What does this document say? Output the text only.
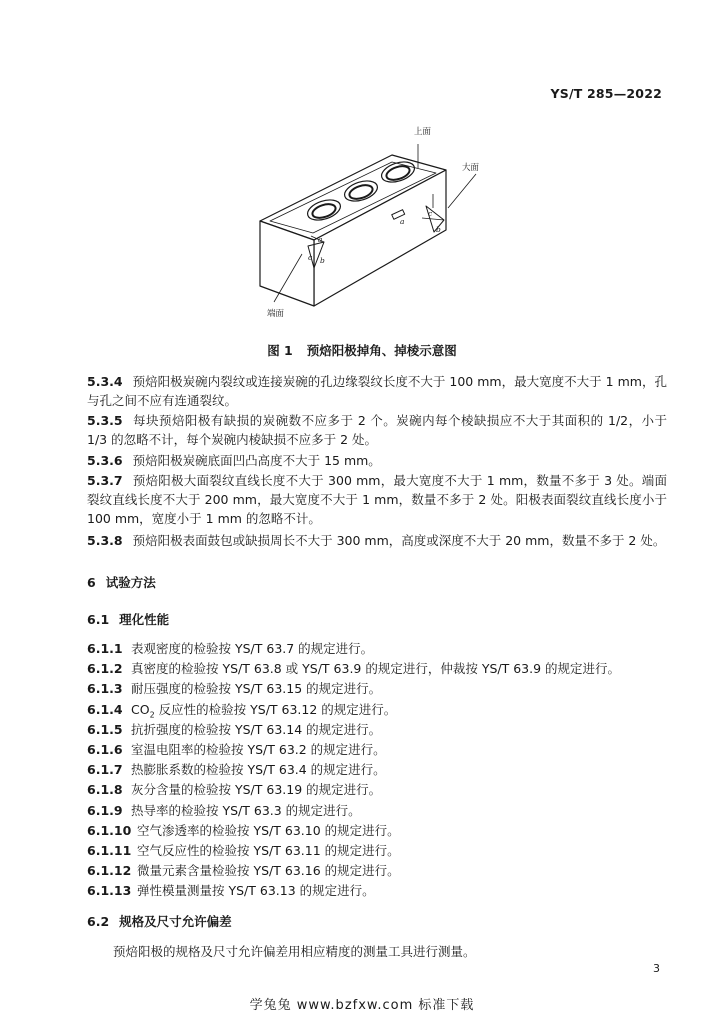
YS/T 285—2022
上面
大面
端面
a
b
c
a
b
c
图 1 预焙阳极掉角、掉棱示意图
5.3.4 预焙阳极炭碗内裂纹或连接炭碗的孔边缘裂纹长度不大于 100 mm，最大宽度不大于 1 mm，孔与孔之间不应有连通裂纹。
5.3.5 每块预焙阳极有缺损的炭碗数不应多于 2 个。炭碗内每个棱缺损应不大于其面积的 1/2，小于 1/3 的忽略不计，每个炭碗内棱缺损不应多于 2 处。
5.3.6 预焙阳极炭碗底面凹凸高度不大于 15 mm。
5.3.7 预焙阳极大面裂纹直线长度不大于 300 mm，最大宽度不大于 1 mm，数量不多于 3 处。端面裂纹直线长度不大于 200 mm，最大宽度不大于 1 mm，数量不多于 2 处。阳极表面裂纹直线长度小于 100 mm，宽度小于 1 mm 的忽略不计。
5.3.8 预焙阳极表面鼓包或缺损周长不大于 300 mm，高度或深度不大于 20 mm，数量不多于 2 处。
6 试验方法
6.1 理化性能
6.1.1 表观密度的检验按 YS/T 63.7 的规定进行。
6.1.2 真密度的检验按 YS/T 63.8 或 YS/T 63.9 的规定进行，仲裁按 YS/T 63.9 的规定进行。
6.1.3 耐压强度的检验按 YS/T 63.15 的规定进行。
6.1.4 $CO_2$ 反应性的检验按 YS/T 63.12 的规定进行。
6.1.5 抗折强度的检验按 YS/T 63.14 的规定进行。
6.1.6 室温电阻率的检验按 YS/T 63.2 的规定进行。
6.1.7 热膨胀系数的检验按 YS/T 63.4 的规定进行。
6.1.8 灰分含量的检验按 YS/T 63.19 的规定进行。
6.1.9 热导率的检验按 YS/T 63.3 的规定进行。
6.1.10 空气渗透率的检验按 YS/T 63.10 的规定进行。
6.1.11 空气反应性的检验按 YS/T 63.11 的规定进行。
6.1.12 微量元素含量检验按 YS/T 63.16 的规定进行。
6.1.13 弹性模量测量按 YS/T 63.13 的规定进行。
6.2 规格及尺寸允许偏差
预焙阳极的规格及尺寸允许偏差用相应精度的测量工具进行测量。
3
学兔兔 www.bzfxw.com 标准下载
